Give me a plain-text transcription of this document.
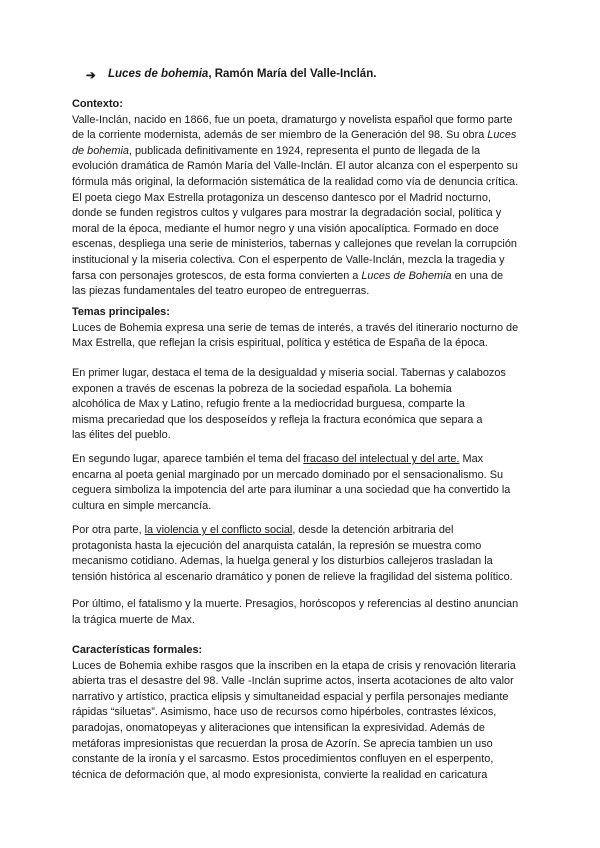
➔ Luces de bohemia, Ramón María del Valle-Inclán.
Contexto:
Valle-Inclán, nacido en 1866, fue un poeta, dramaturgo y novelista español que formo parte
de la corriente modernista, además de ser miembro de la Generación del 98. Su obra Luces
de bohemia, publicada definitivamente en 1924, representa el punto de llegada de la
evolución dramática de Ramón María del Valle-Inclán. El autor alcanza con el esperpento su
fórmula más original, la deformación sistemática de la realidad como vía de denuncia crítica.
El poeta ciego Max Estrella protagoniza un descenso dantesco por el Madrid nocturno,
donde se funden registros cultos y vulgares para mostrar la degradación social, política y
moral de la época, mediante el humor negro y una visión apocalíptica. Formado en doce
escenas, despliega una serie de ministerios, tabernas y callejones que revelan la corrupción
institucional y la miseria colectiva. Con el esperpento de Valle-Inclán, mezcla la tragedia y
farsa con personajes grotescos, de esta forma convierten a Luces de Bohemia en una de
las piezas fundamentales del teatro europeo de entreguerras.
Temas principales:
Luces de Bohemia expresa una serie de temas de interés, a través del itinerario nocturno de
Max Estrella, que reflejan la crisis espiritual, política y estética de España de la época.
En primer lugar, destaca el tema de la desigualdad y miseria social. Tabernas y calabozos
exponen a través de escenas la pobreza de la sociedad española. La bohemia
alcohólica de Max y Latino, refugio frente a la mediocridad burguesa, comparte la
misma precariedad que los desposeídos y refleja la fractura económica que separa a
las élites del pueblo.
En segundo lugar, aparece también el tema del fracaso del intelectual y del arte. Max
encarna al poeta genial marginado por un mercado dominado por el sensacionalismo. Su
ceguera simboliza la impotencia del arte para iluminar a una sociedad que ha convertido la
cultura en simple mercancía.
Por otra parte, la violencia y el conflicto social, desde la detención arbitraria del
protagonista hasta la ejecución del anarquista catalán, la represión se muestra como
mecanismo cotidiano. Ademas, la huelga general y los disturbios callejeros trasladan la
tensión histórica al escenario dramático y ponen de relieve la fragilidad del sistema político.
Por último, el fatalismo y la muerte. Presagios, horóscopos y referencias al destino anuncian
la trágica muerte de Max.
Características formales:
Luces de Bohemia exhibe rasgos que la inscriben en la etapa de crisis y renovación literaria
abierta tras el desastre del 98. Valle -Inclán suprime actos, inserta acotaciones de alto valor
narrativo y artístico, practica elipsis y simultaneidad espacial y perfila personajes mediante
rápidas “siluetas”. Asimismo, hace uso de recursos como hipérboles, contrastes léxicos,
paradojas, onomatopeyas y aliteraciones que intensifican la expresividad. Además de
metáforas impresionistas que recuerdan la prosa de Azorín. Se aprecia tambien un uso
constante de la ironía y el sarcasmo. Estos procedimientos confluyen en el esperpento,
técnica de deformación que, al modo expresionista, convierte la realidad en caricatura
